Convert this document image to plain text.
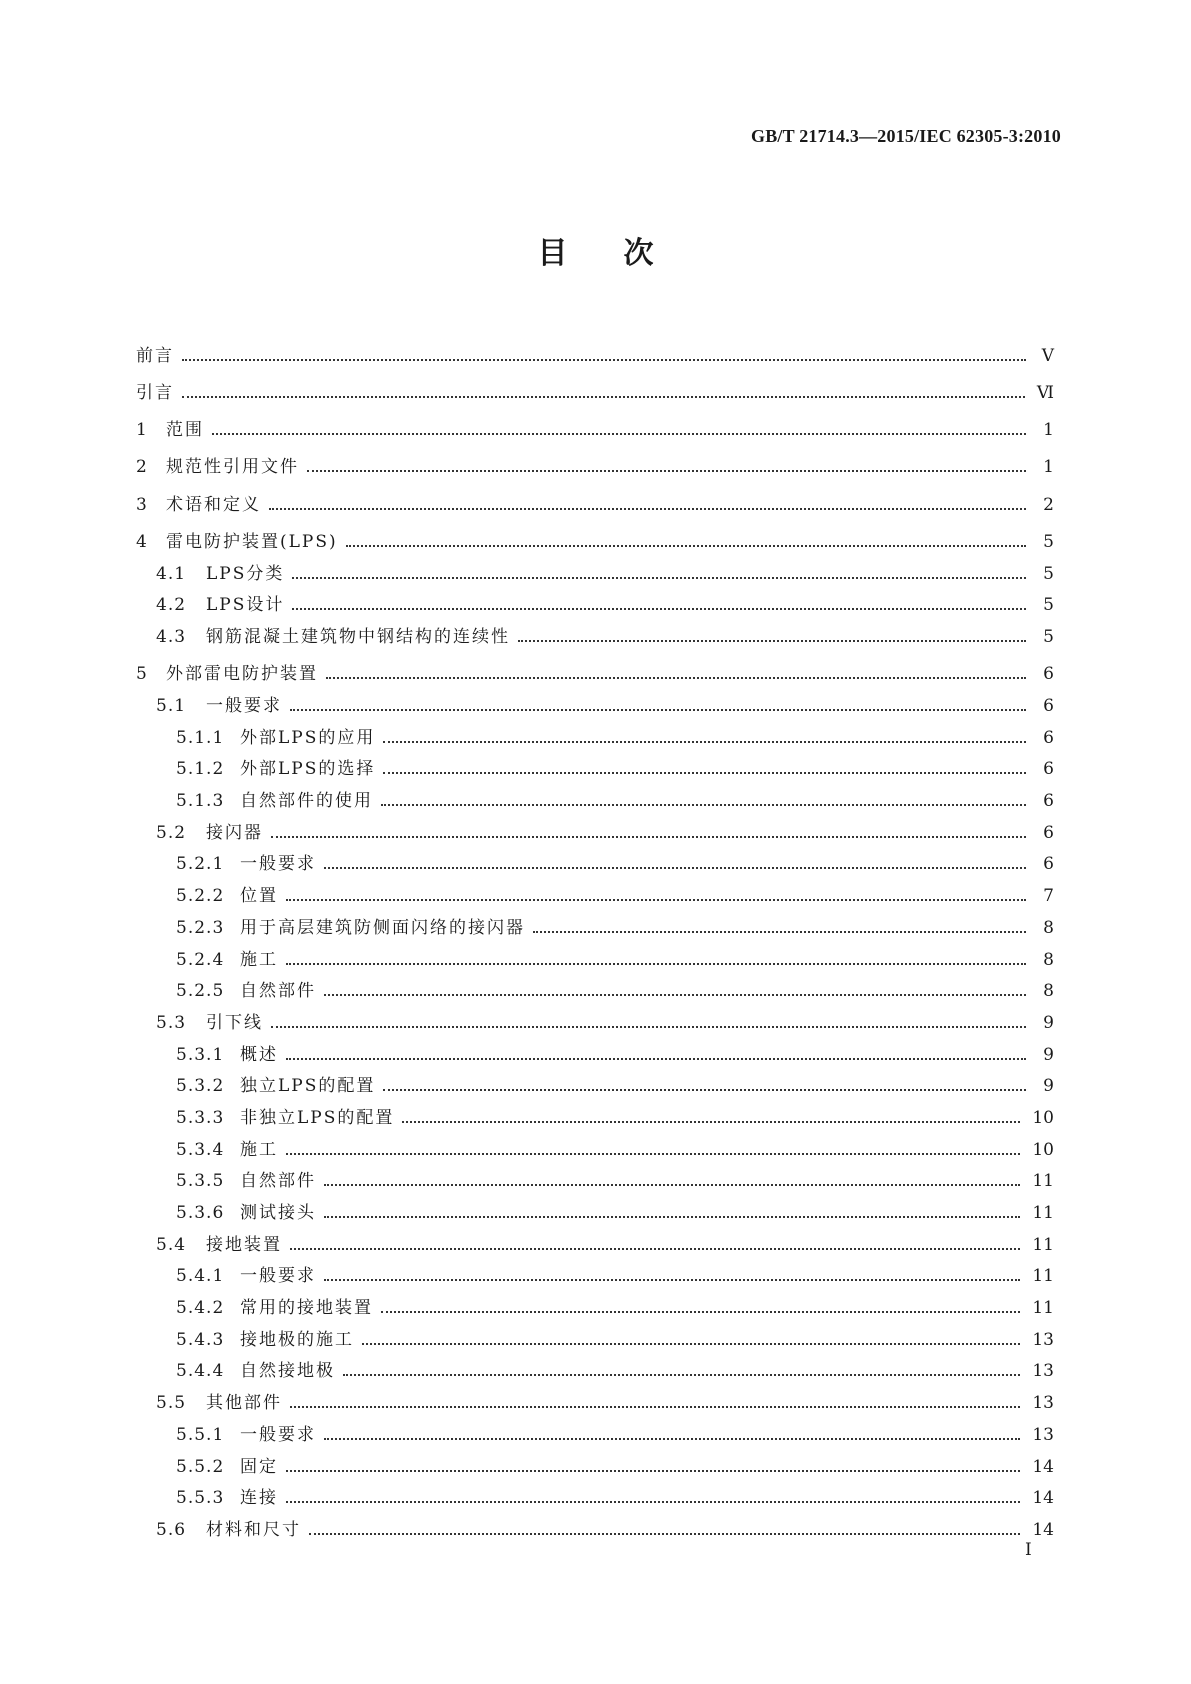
GB/T 21714.3—2015/IEC 62305-3:2010
目次
前言	Ⅴ
引言	Ⅵ
1	范围	1
2	规范性引用文件	1
3	术语和定义	2
4	雷电防护装置(LPS)	5
4.1	LPS分类	5
4.2	LPS设计	5
4.3	钢筋混凝土建筑物中钢结构的连续性	5
5	外部雷电防护装置	6
5.1	一般要求	6
5.1.1 外部LPS的应用	6
5.1.2 外部LPS的选择	6
5.1.3 自然部件的使用	6
5.2	接闪器	6
5.2.1 一般要求	6
5.2.2 位置	7
5.2.3 用于高层建筑防侧面闪络的接闪器	8
5.2.4 施工	8
5.2.5 自然部件	8
5.3	引下线	9
5.3.1 概述	9
5.3.2 独立LPS的配置	9
5.3.3 非独立LPS的配置	10
5.3.4 施工	10
5.3.5 自然部件	11
5.3.6 测试接头	11
5.4	接地装置	11
5.4.1 一般要求	11
5.4.2 常用的接地装置	11
5.4.3 接地极的施工	13
5.4.4 自然接地极	13
5.5	其他部件	13
5.5.1 一般要求	13
5.5.2 固定	14
5.5.3 连接	14
5.6	材料和尺寸	14
Ⅰ
